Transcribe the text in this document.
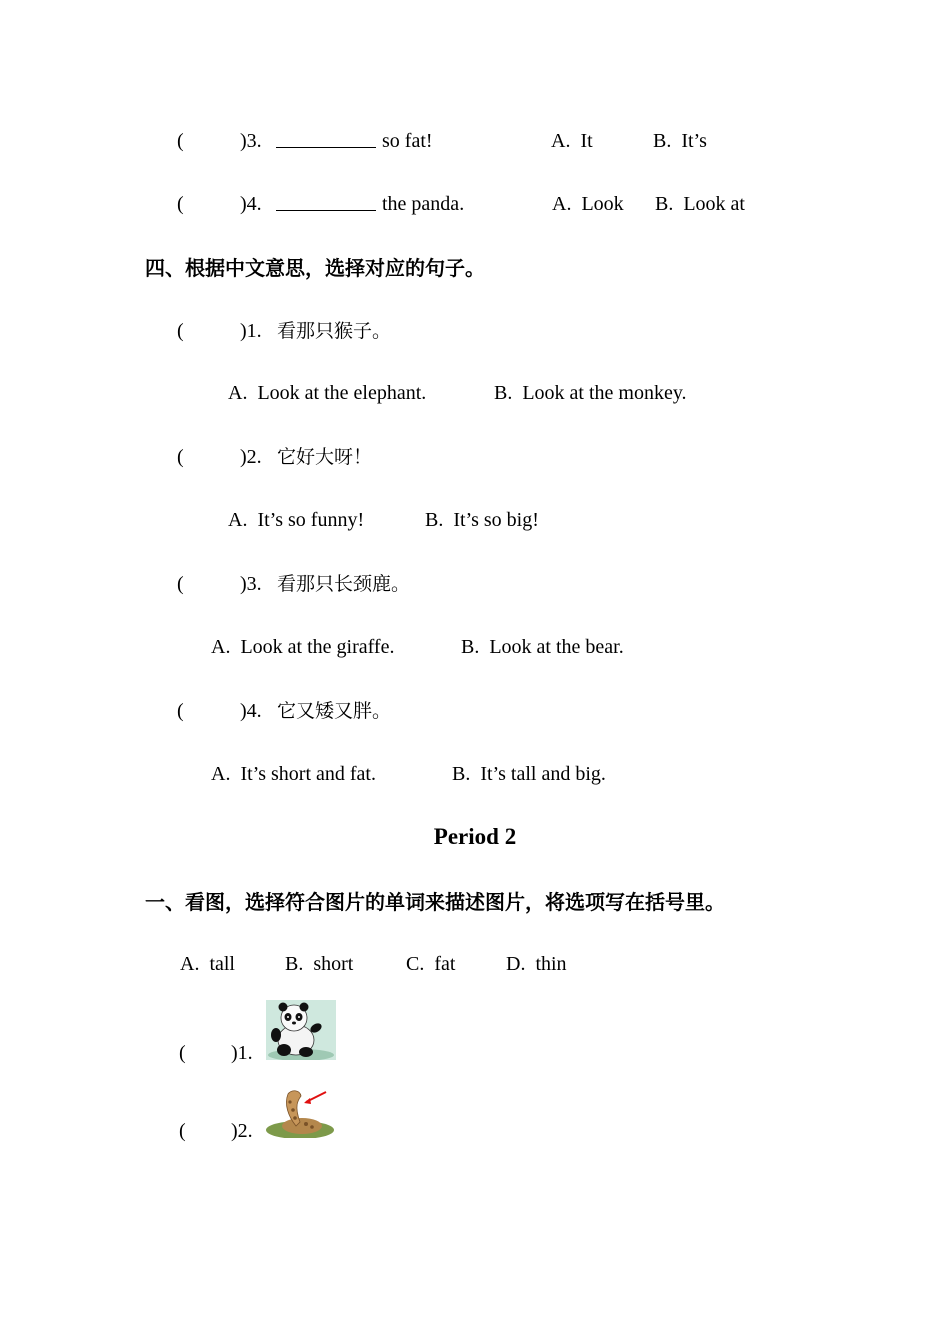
(	)3.	so fat!	A.  It	B.  It’s
(	)4.	the panda.	A.  Look B.  Look at
四、根据中文意思，选择对应的句子。
(	)1. 看那只猴子。
A.  Look at the elephant.	B.  Look at the monkey.
(	)2. 它好大呀！
A.  It’s so funny!	B.  It’s so big!
(	)3. 看那只长颈鹿。
A.  Look at the giraffe.	B.  Look at the bear.
(	)4. 它又矮又胖。
A.  It’s short and fat.	B.  It’s tall and big.
Period 2
一、看图，选择符合图片的单词来描述图片，将选项写在括号里。
A.  tall	B.  short	C.  fat	D.  thin
( )1.
( )2.
